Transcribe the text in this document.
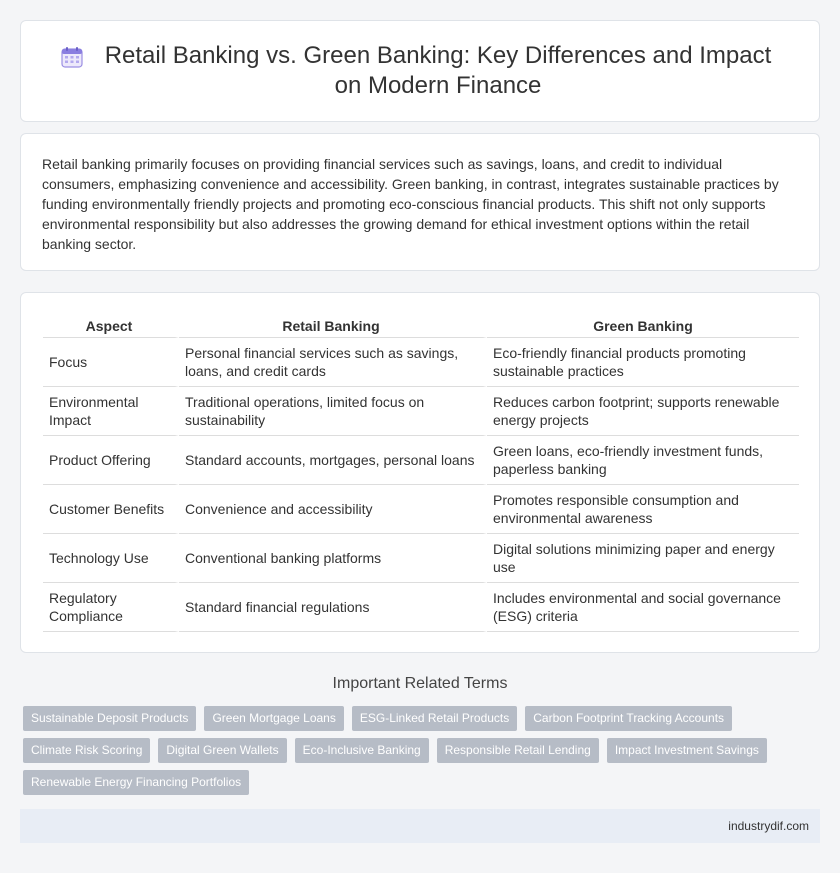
Retail Banking vs. Green Banking: Key Differences and Impact on Modern Finance

Retail banking primarily focuses on providing financial services such as savings, loans, and credit to individual consumers, emphasizing convenience and accessibility. Green banking, in contrast, integrates sustainable practices by funding environmentally friendly projects and promoting eco-conscious financial products. This shift not only supports environmental responsibility but also addresses the growing demand for ethical investment options within the retail banking sector.

Aspect	Retail Banking	Green Banking
Focus	Personal financial services such as savings, loans, and credit cards	Eco-friendly financial products promoting sustainable practices
Environmental Impact	Traditional operations, limited focus on sustainability	Reduces carbon footprint; supports renewable energy projects
Product Offering	Standard accounts, mortgages, personal loans	Green loans, eco-friendly investment funds, paperless banking
Customer Benefits	Convenience and accessibility	Promotes responsible consumption and environmental awareness
Technology Use	Conventional banking platforms	Digital solutions minimizing paper and energy use
Regulatory Compliance	Standard financial regulations	Includes environmental and social governance (ESG) criteria
Important Related Terms
Sustainable Deposit Products	Green Mortgage Loans	ESG-Linked Retail Products	Carbon Footprint Tracking Accounts
Climate Risk Scoring	Digital Green Wallets	Eco-Inclusive Banking	Responsible Retail Lending	Impact Investment Savings
Renewable Energy Financing Portfolios
industrydif.com
